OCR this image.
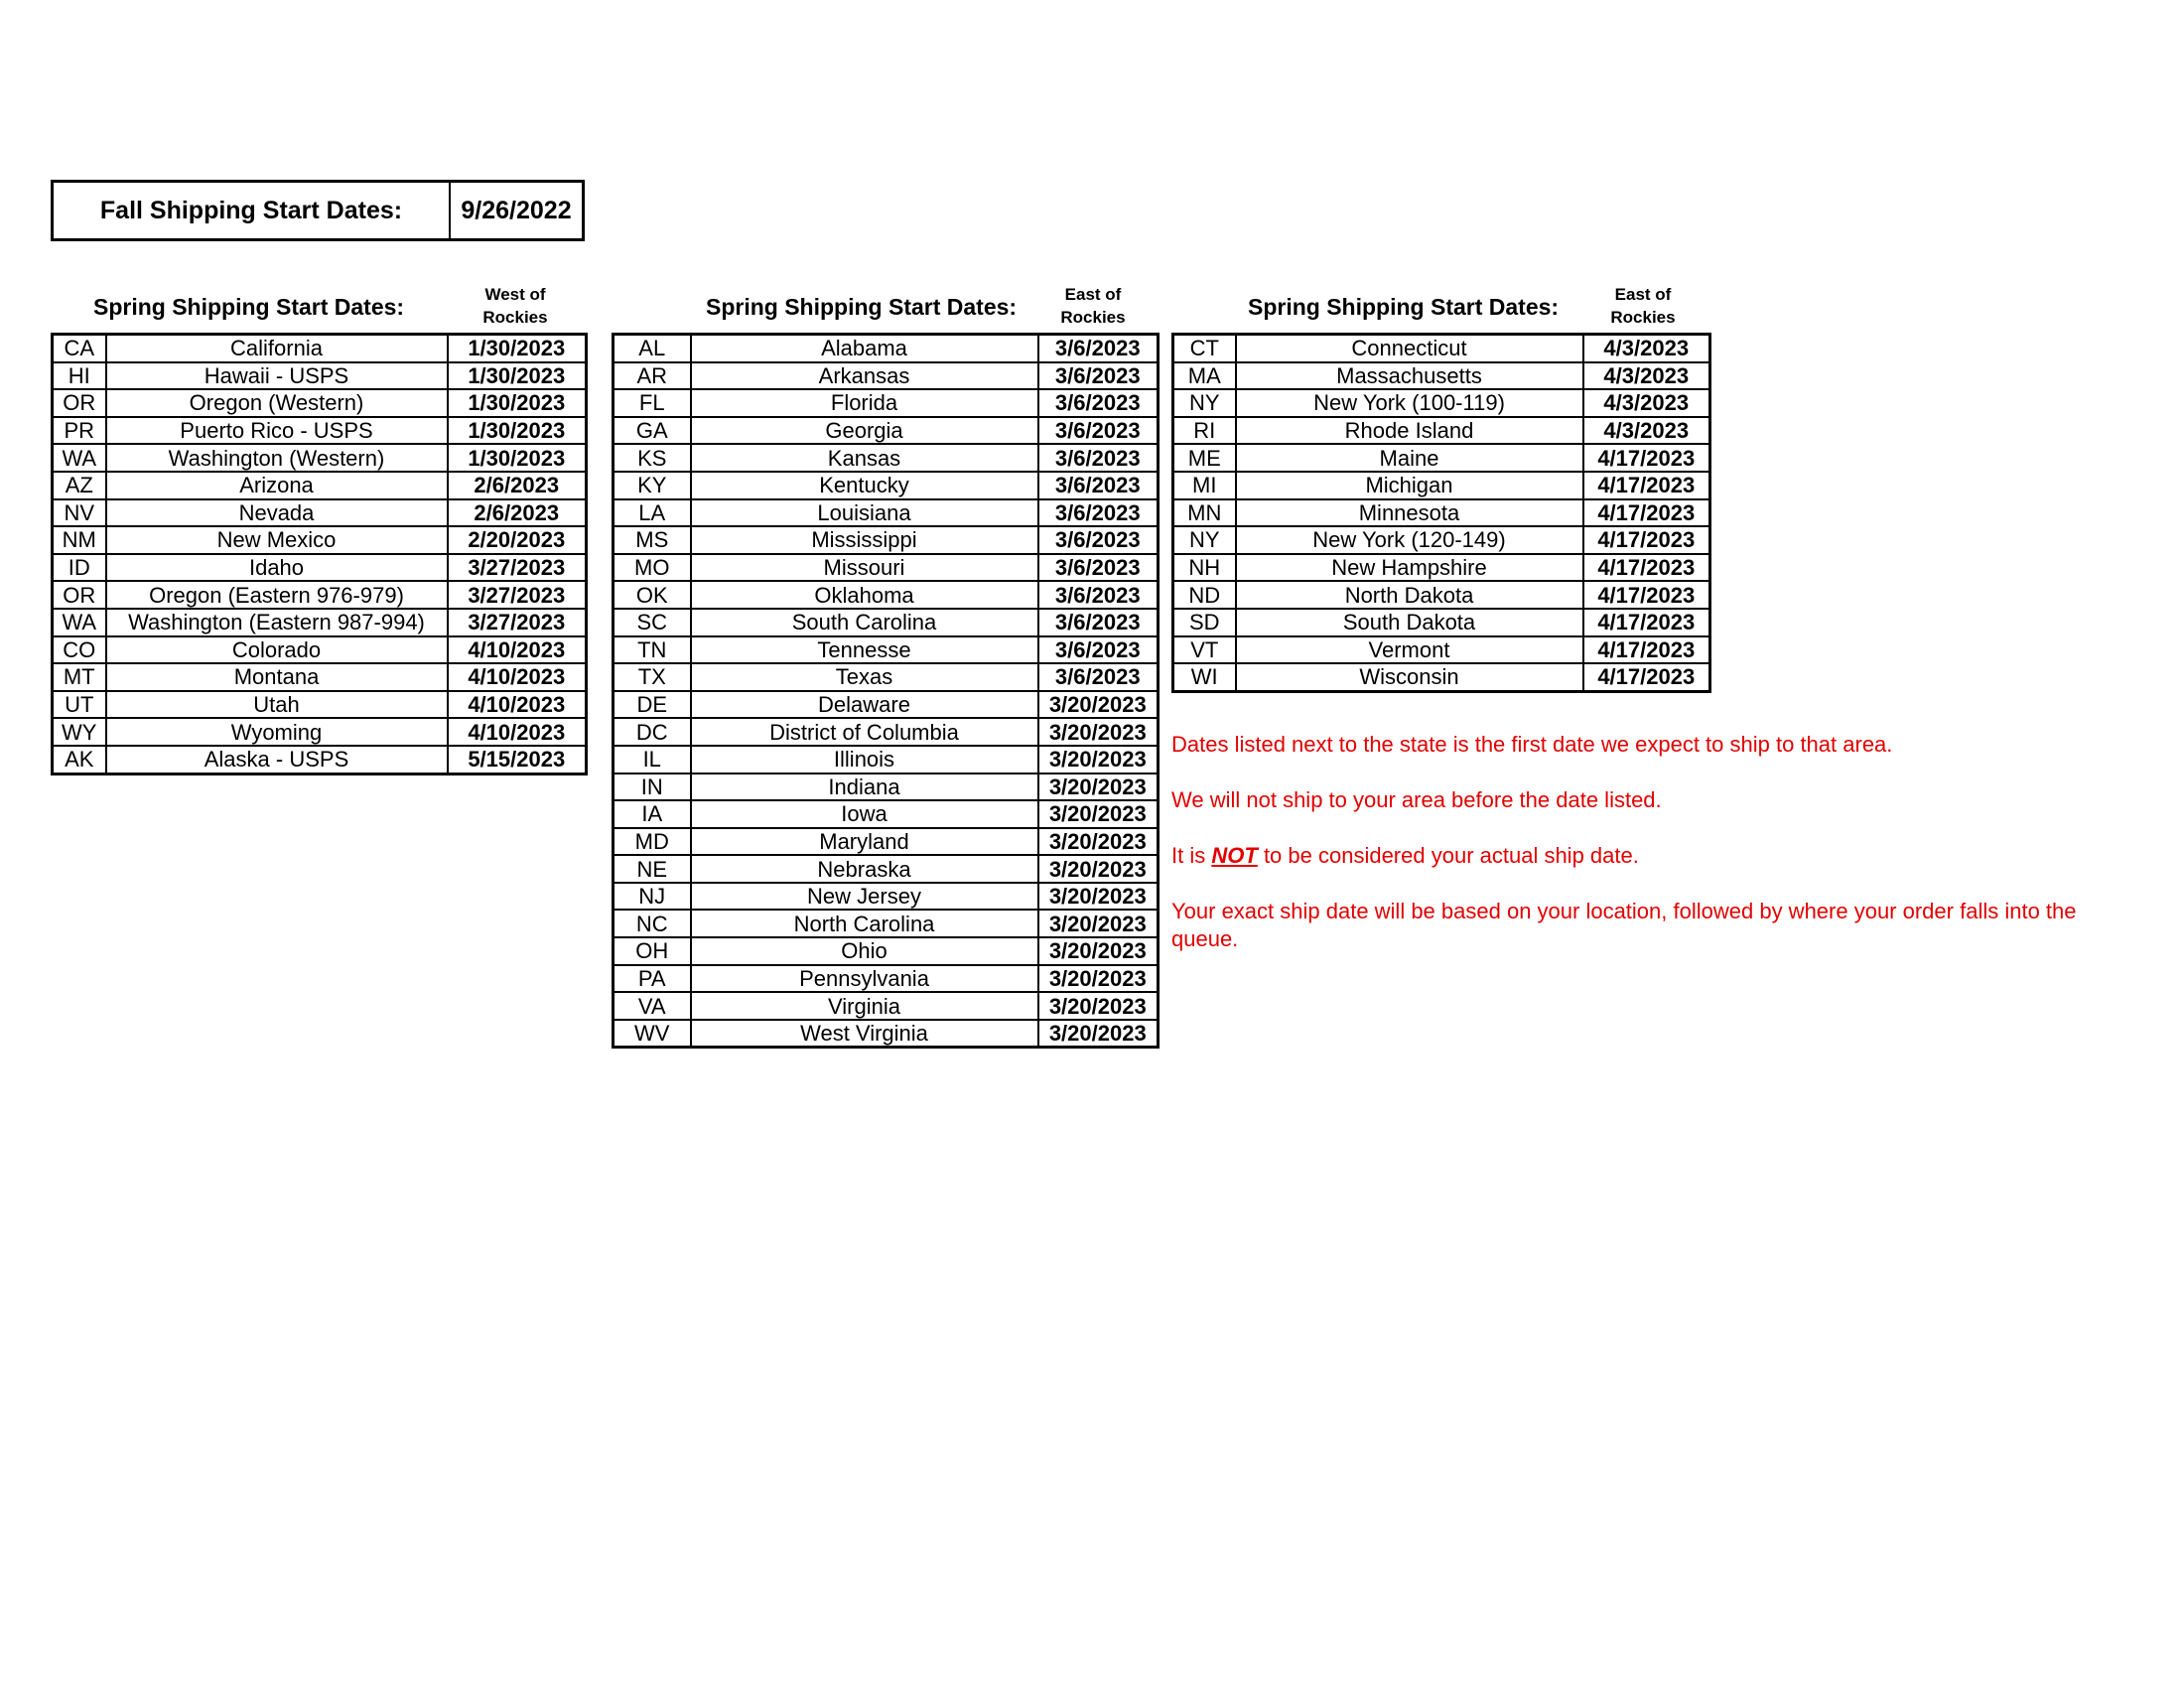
Fall Shipping Start Dates:	9/26/2022
Spring Shipping Start Dates:	West of
Rockies
CA	California	1/30/2023
HI	Hawaii - USPS	1/30/2023
OR	Oregon (Western)	1/30/2023
PR	Puerto Rico - USPS	1/30/2023
WA	Washington (Western)	1/30/2023
AZ	Arizona	2/6/2023
NV	Nevada	2/6/2023
NM	New Mexico	2/20/2023
ID	Idaho	3/27/2023
OR	Oregon (Eastern 976-979)	3/27/2023
WA	Washington (Eastern 987-994)	3/27/2023
CO	Colorado	4/10/2023
MT	Montana	4/10/2023
UT	Utah	4/10/2023
WY	Wyoming	4/10/2023
AK	Alaska - USPS	5/15/2023
Spring Shipping Start Dates:	East of
Rockies
AL	Alabama	3/6/2023
AR	Arkansas	3/6/2023
FL	Florida	3/6/2023
GA	Georgia	3/6/2023
KS	Kansas	3/6/2023
KY	Kentucky	3/6/2023
LA	Louisiana	3/6/2023
MS	Mississippi	3/6/2023
MO	Missouri	3/6/2023
OK	Oklahoma	3/6/2023
SC	South Carolina	3/6/2023
TN	Tennesse	3/6/2023
TX	Texas	3/6/2023
DE	Delaware	3/20/2023
DC	District of Columbia	3/20/2023
IL	Illinois	3/20/2023
IN	Indiana	3/20/2023
IA	Iowa	3/20/2023
MD	Maryland	3/20/2023
NE	Nebraska	3/20/2023
NJ	New Jersey	3/20/2023
NC	North Carolina	3/20/2023
OH	Ohio	3/20/2023
PA	Pennsylvania	3/20/2023
VA	Virginia	3/20/2023
WV	West Virginia	3/20/2023
Spring Shipping Start Dates:	East of
Rockies
CT	Connecticut	4/3/2023
MA	Massachusetts	4/3/2023
NY	New York (100-119)	4/3/2023
RI	Rhode Island	4/3/2023
ME	Maine	4/17/2023
MI	Michigan	4/17/2023
MN	Minnesota	4/17/2023
NY	New York (120-149)	4/17/2023
NH	New Hampshire	4/17/2023
ND	North Dakota	4/17/2023
SD	South Dakota	4/17/2023
VT	Vermont	4/17/2023
WI	Wisconsin	4/17/2023

Dates listed next to the state is the first date we expect to ship to that area.

We will not ship to your area before the date listed.

It is NOT to be considered your actual ship date.

Your exact ship date will be based on your location, followed by where your order falls into the queue.
